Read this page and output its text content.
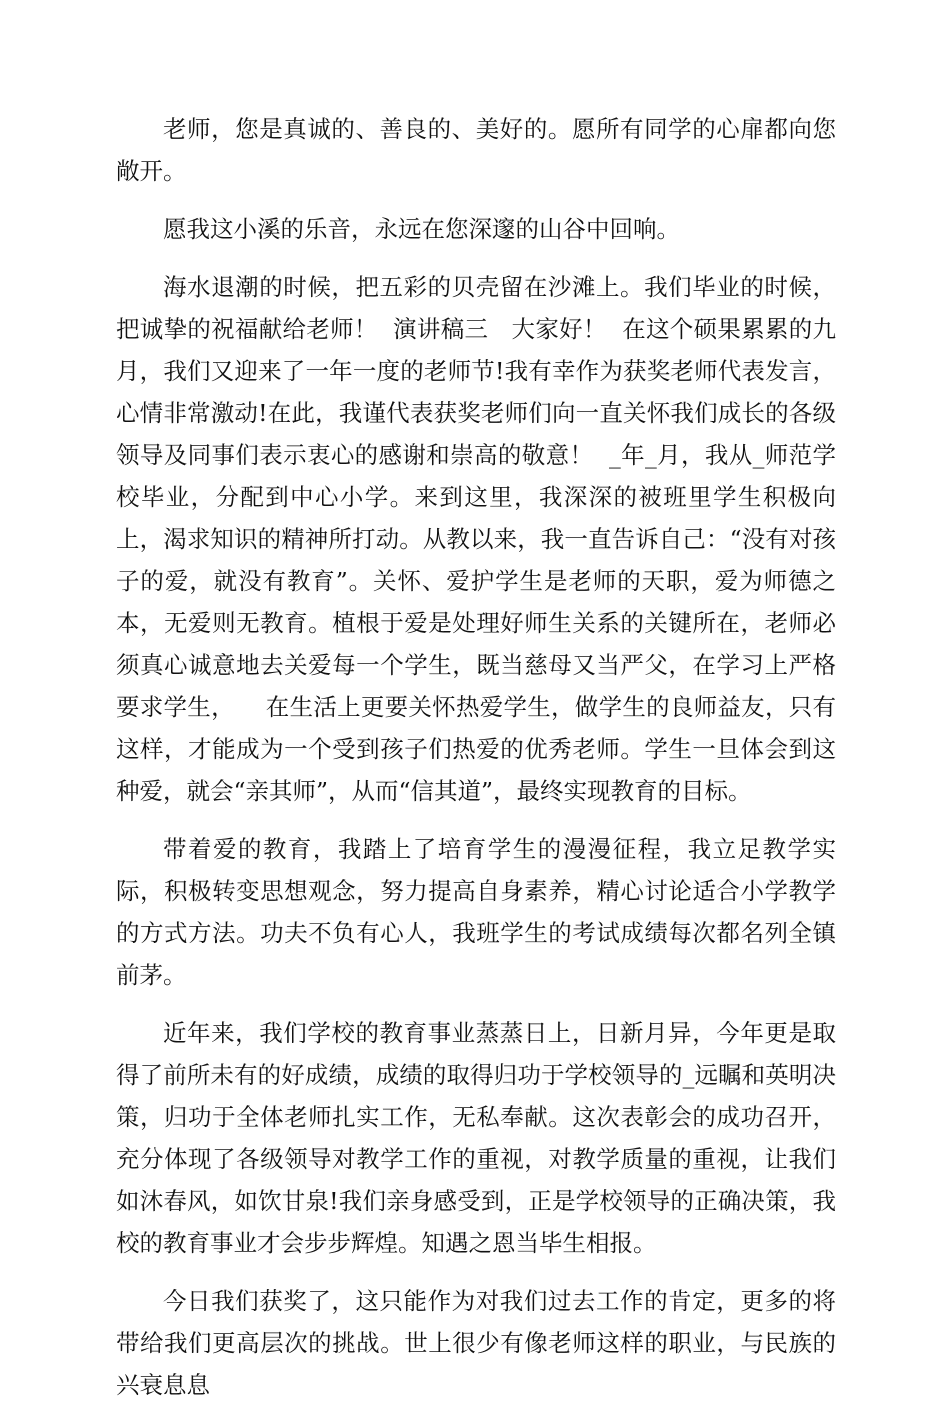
老师，您是真诚的、善良的、美好的。愿所有同学的心扉都向您敞开。

愿我这小溪的乐音，永远在您深邃的山谷中回响。

海水退潮的时候，把五彩的贝壳留在沙滩上。我们毕业的时候，把诚挚的祝福献给老师！  演讲稿三   大家好！  在这个硕果累累的九月，我们又迎来了一年一度的老师节!我有幸作为获奖老师代表发言，心情非常激动!在此，我谨代表获奖老师们向一直关怀我们成长的各级领导及同事们表示衷心的感谢和崇高的敬意！  _年_月，我从_师范学校毕业，分配到中心小学。来到这里，我深深的被班里学生积极向上，渴求知识的精神所打动。从教以来，我一直告诉自己：“没有对孩子的爱，就没有教育”。关怀、爱护学生是老师的天职，爱为师德之本，无爱则无教育。植根于爱是处理好师生关系的关键所在，老师必须真心诚意地去关爱每一个学生，既当慈母又当严父，在学习上严格要求学生，    在生活上更要关怀热爱学生，做学生的良师益友，只有这样，才能成为一个受到孩子们热爱的优秀老师。学生一旦体会到这种爱，就会“亲其师”，从而“信其道”，最终实现教育的目标。

带着爱的教育，我踏上了培育学生的漫漫征程，我立足教学实际，积极转变思想观念，努力提高自身素养，精心讨论适合小学教学的方式方法。功夫不负有心人，我班学生的考试成绩每次都名列全镇前茅。

近年来，我们学校的教育事业蒸蒸日上，日新月异，今年更是取得了前所未有的好成绩，成绩的取得归功于学校领导的_远瞩和英明决策，归功于全体老师扎实工作，无私奉献。这次表彰会的成功召开，充分体现了各级领导对教学工作的重视，对教学质量的重视，让我们如沐春风，如饮甘泉!我们亲身感受到，正是学校领导的正确决策，我校的教育事业才会步步辉煌。知遇之恩当毕生相报。

今日我们获奖了，这只能作为对我们过去工作的肯定，更多的将带给我们更高层次的挑战。世上很少有像老师这样的职业，与民族的兴衰息息
